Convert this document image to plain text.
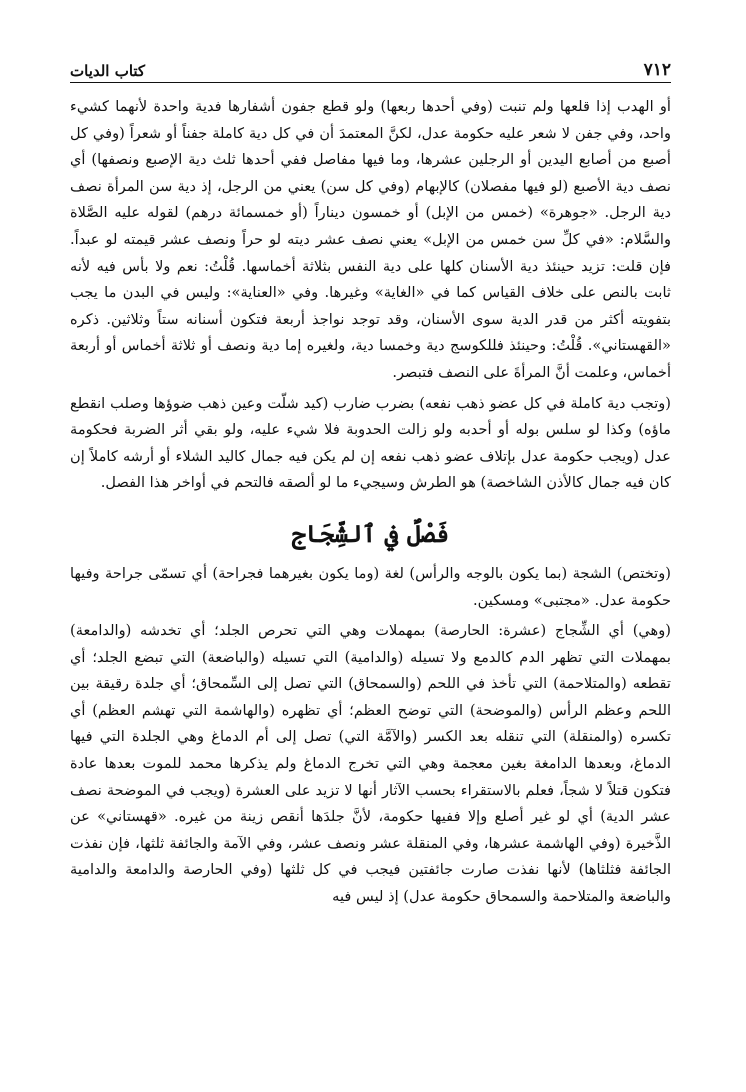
٧١٢
كتاب الديات

أو الهدب إذا قلعها ولم تنبت (وفي أحدها ربعها) ولو قطع جفون أشفارها فدية واحدة لأنهما كشيء واحد، وفي جفن لا شعر عليه حكومة عدل، لكنَّ المعتمدَ أن في كل دية كاملة جفناً أو شعراً (وفي كل أصبع من أصابع اليدين أو الرجلين عشرها، وما فيها مفاصل ففي أحدها ثلث دية الإصبع ونصفها) أي نصف دية الأصبع (لو فيها مفصلان) كالإبهام (وفي كل سن) يعني من الرجل، إذ دية سن المرأة نصف دية الرجل. «جوهرة» (خمس من الإبل) أو خمسون ديناراً (أو خمسمائة درهم) لقوله عليه الصَّلاة والسَّلام: «في كلِّ سن خمس من الإبل» يعني نصف عشر ديته لو حراً ونصف عشر قيمته لو عبداً. فإن قلت: تزيد حينئذ دية الأسنان كلها على دية النفس بثلاثة أخماسها. قُلْتُ: نعم ولا بأس فيه لأنه ثابت بالنص على خلاف القياس كما في «الغاية» وغيرها. وفي «العناية»: وليس في البدن ما يجب بتفويته أكثر من قدر الدية سوى الأسنان، وقد توجد نواجذ أربعة فتكون أسنانه ستاً وثلاثين. ذكره «القهستاني». قُلْتُ: وحينئذ فللكوسج دية وخمسا دية، ولغيره إما دية ونصف أو ثلاثة أخماس أو أربعة أخماس، وعلمت أنَّ المرأةَ على النصف فتبصر.

(وتجب دية كاملة في كل عضو ذهب نفعه) بضرب ضارب (كيد شلّت وعين ذهب ضوؤها وصلب انقطع ماؤه) وكذا لو سلس بوله أو أحدبه ولو زالت الحدوبة فلا شيء عليه، ولو بقي أثر الضربة فحكومة عدل (ويجب حكومة عدل بإتلاف عضو ذهب نفعه إن لم يكن فيه جمال كاليد الشلاء أو أرشه كاملاً إن كان فيه جمال كالأذن الشاخصة) هو الطرش وسيجيء ما لو ألصقه فالتحم في أواخر هذا الفصل.

فَصْلٌ في ٱلشِّجَاج

(وتختص) الشجة (بما يكون بالوجه والرأس) لغة (وما يكون بغيرهما فجراحة) أي تسمّى جراحة وفيها حكومة عدل. «مجتبى» ومسكين.

(وهي) أي الشِّجاج (عشرة: الحارصة) بمهملات وهي التي تحرص الجلد؛ أي تخدشه (والدامعة) بمهملات التي تظهر الدم كالدمع ولا تسيله (والدامية) التي تسيله (والباضعة) التي تبضع الجلد؛ أي تقطعه (والمتلاحمة) التي تأخذ في اللحم (والسمحاق) التي تصل إلى السِّمحاق؛ أي جلدة رقيقة بين اللحم وعظم الرأس (والموضحة) التي توضح العظم؛ أي تظهره (والهاشمة التي تهشم العظم) أي تكسره (والمنقلة) التي تنقله بعد الكسر (والآمَّة التي) تصل إلى أم الدماغ وهي الجلدة التي فيها الدماغ، وبعدها الدامغة بغين معجمة وهي التي تخرج الدماغ ولم يذكرها محمد للموت بعدها عادة فتكون قتلاً لا شجاً، فعلم بالاستقراء بحسب الآثار أنها لا تزيد على العشرة (ويجب في الموضحة نصف عشر الدية) أي لو غير أصلع وإلا ففيها حكومة، لأنَّ جلدَها أنقص زينة من غيره. «قهستاني» عن الذَّخيرة (وفي الهاشمة عشرها، وفي المنقلة عشر ونصف عشر، وفي الآمة والجائفة ثلثها، فإن نفذت الجائفة فثلثاها) لأنها نفذت صارت جائفتين فيجب في كل ثلثها (وفي الحارصة والدامعة والدامية والباضعة والمتلاحمة والسمحاق حكومة عدل) إذ ليس فيه
